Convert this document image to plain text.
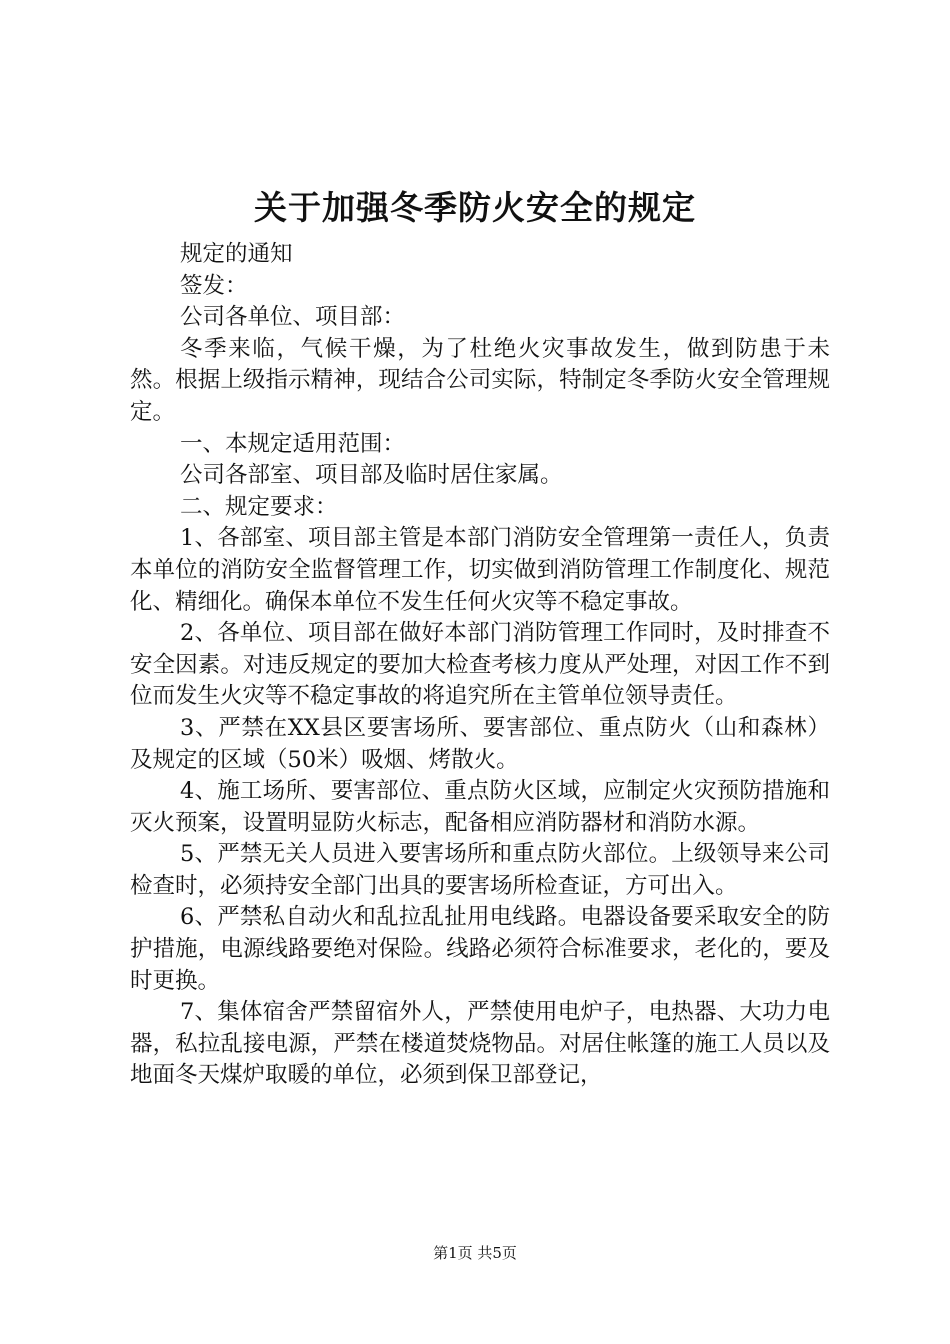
关于加强冬季防火安全的规定

规定的通知

签发：

公司各单位、项目部：

冬季来临，气候干燥，为了杜绝火灾事故发生，做到防患于未然。根据上级指示精神，现结合公司实际，特制定冬季防火安全管理规定。

一、本规定适用范围：

公司各部室、项目部及临时居住家属。

二、规定要求：

1、各部室、项目部主管是本部门消防安全管理第一责任人，负责本单位的消防安全监督管理工作，切实做到消防管理工作制度化、规范化、精细化。确保本单位不发生任何火灾等不稳定事故。

2、各单位、项目部在做好本部门消防管理工作同时，及时排查不安全因素。对违反规定的要加大检查考核力度从严处理，对因工作不到位而发生火灾等不稳定事故的将追究所在主管单位领导责任。

3、严禁在XX县区要害场所、要害部位、重点防火（山和森林）及规定的区域（50米）吸烟、烤散火。

4、施工场所、要害部位、重点防火区域，应制定火灾预防措施和灭火预案，设置明显防火标志，配备相应消防器材和消防水源。

5、严禁无关人员进入要害场所和重点防火部位。上级领导来公司检查时，必须持安全部门出具的要害场所检查证，方可出入。

6、严禁私自动火和乱拉乱扯用电线路。电器设备要采取安全的防护措施，电源线路要绝对保险。线路必须符合标准要求，老化的，要及时更换。

7、集体宿舍严禁留宿外人，严禁使用电炉子，电热器、大功力电器，私拉乱接电源，严禁在楼道焚烧物品。对居住帐篷的施工人员以及地面冬天煤炉取暖的单位，必须到保卫部登记，

第1页 共5页
